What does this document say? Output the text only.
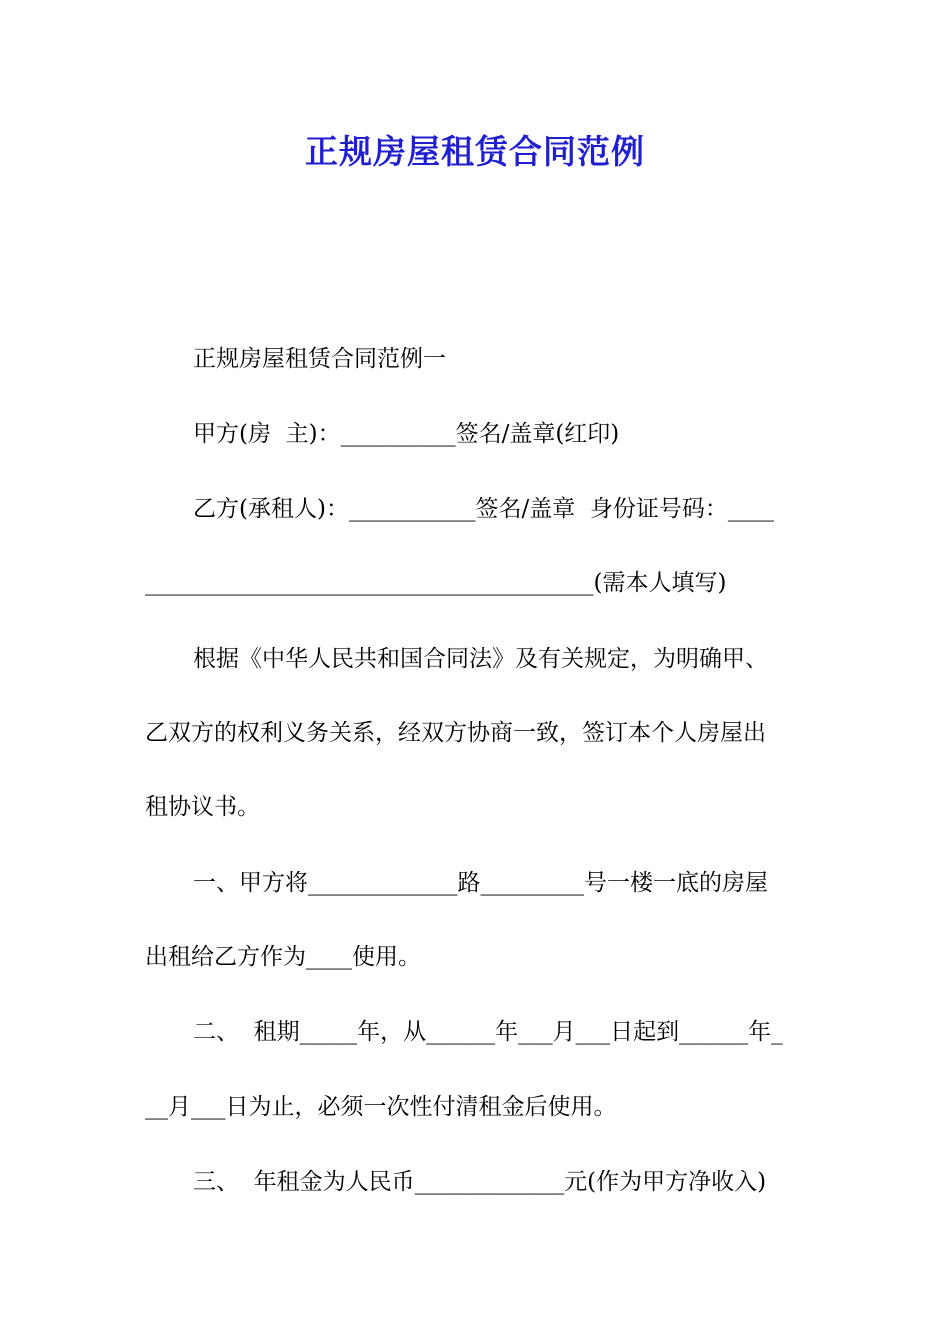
正规房屋租赁合同范例

正规房屋租赁合同范例一

甲方(房  主)：__________签名/盖章(红印)

乙方(承租人)：___________签名/盖章  身份证号码：____

_______________________________________(需本人填写)

根据《中华人民共和国合同法》及有关规定，为明确甲、

乙双方的权利义务关系，经双方协商一致，签订本个人房屋出

租协议书。

一、甲方将_____________路_________号一楼一底的房屋

出租给乙方作为____使用。

二、  租期_____年，从______年___月___日起到______年_

__月___日为止，必须一次性付清租金后使用。

三、  年租金为人民币_____________元(作为甲方净收入)
